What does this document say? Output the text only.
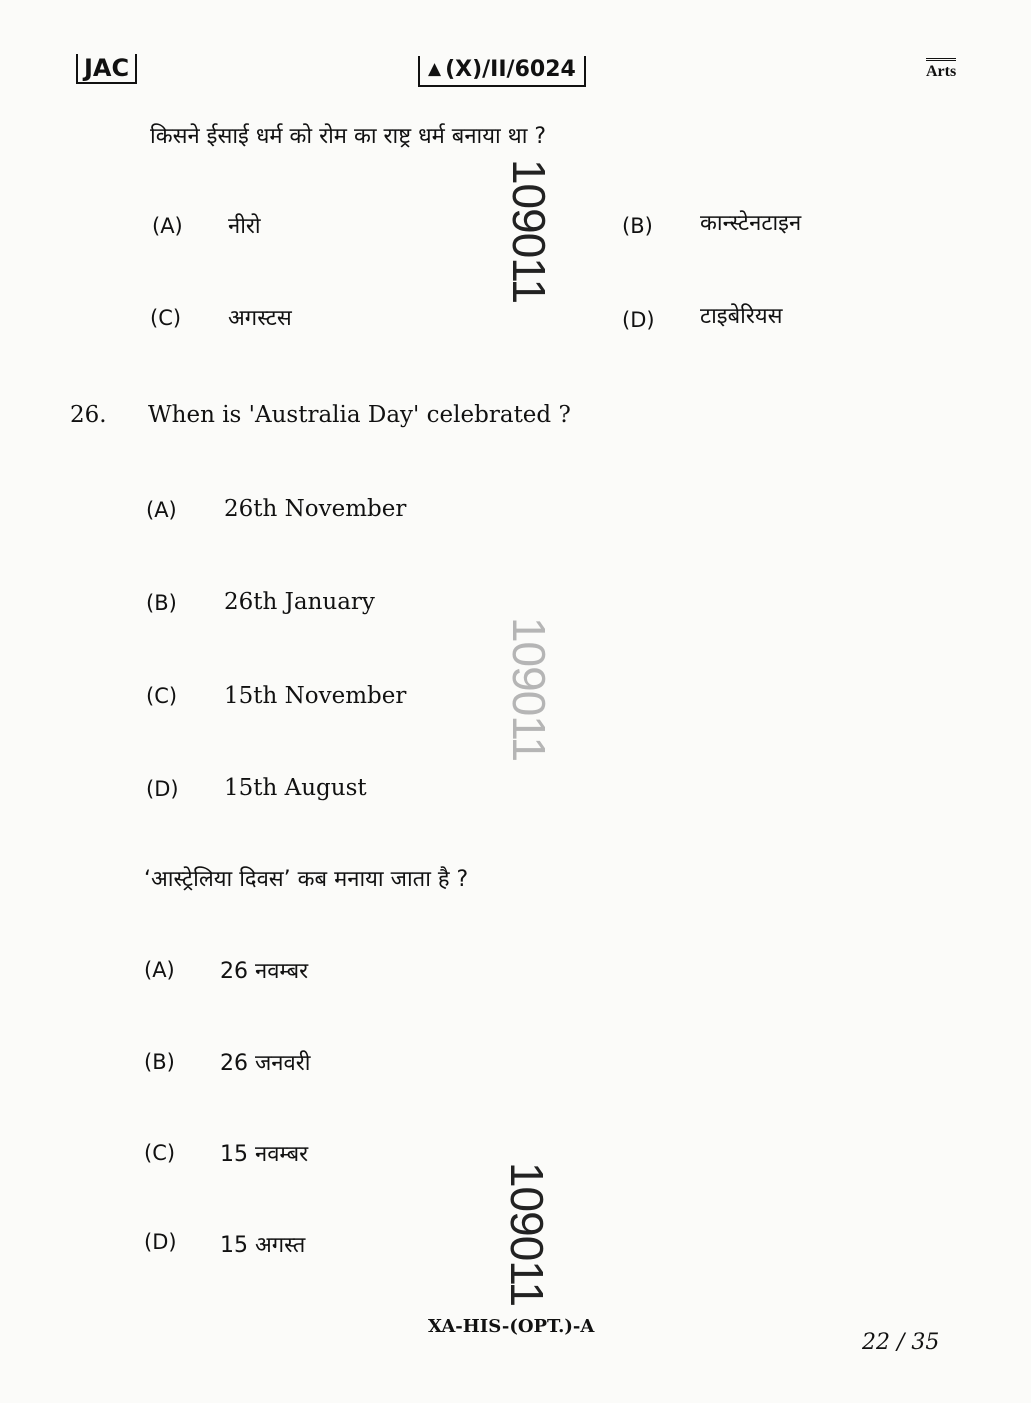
JAC	▲ (X)/II/6024	Arts
किसने ईसाई धर्म को रोम का राष्ट्र धर्म बनाया था ?
(A) नीरो	(B) कान्स्टेनटाइन
(C) अगस्टस	(D) टाइबेरियस
109011
109011
109011
26. When is 'Australia Day' celebrated ?
(A) 26th November
(B) 26th January
(C) 15th November
(D) 15th August
‘आस्ट्रेलिया दिवस’ कब मनाया जाता है ?
(A) 26 नवम्बर
(B) 26 जनवरी
(C) 15 नवम्बर
(D) 15 अगस्त
XA-HIS-(OPT.)-A
22 / 35
